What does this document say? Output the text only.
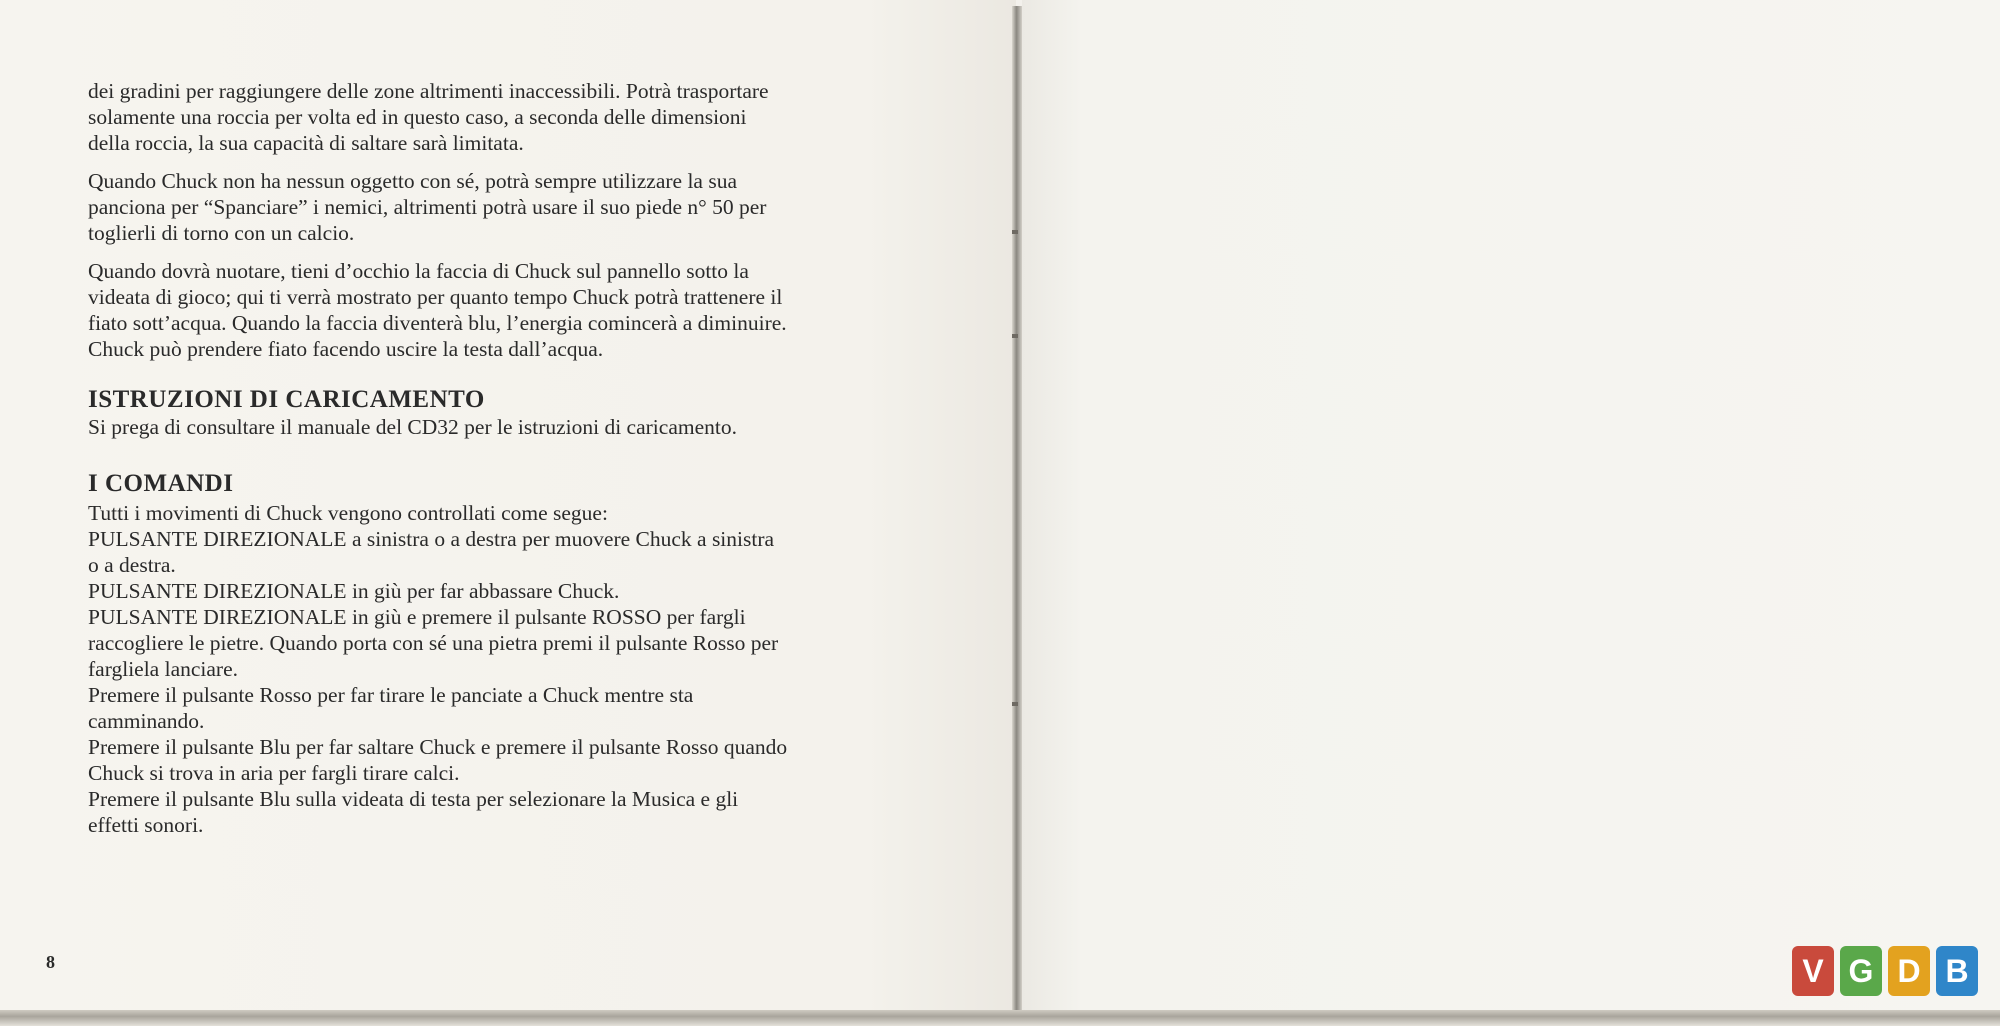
dei gradini per raggiungere delle zone altrimenti inaccessibili. Potrà trasportare
solamente una roccia per volta ed in questo caso, a seconda delle dimensioni
della roccia, la sua capacità di saltare sarà limitata.

Quando Chuck non ha nessun oggetto con sé, potrà sempre utilizzare la sua
panciona per “Spanciare” i nemici, altrimenti potrà usare il suo piede n° 50 per
toglierli di torno con un calcio.

Quando dovrà nuotare, tieni d’occhio la faccia di Chuck sul pannello sotto la
videata di gioco; qui ti verrà mostrato per quanto tempo Chuck potrà trattenere il
fiato sott’acqua. Quando la faccia diventerà blu, l’energia comincerà a diminuire.
Chuck può prendere fiato facendo uscire la testa dall’acqua.

ISTRUZIONI DI CARICAMENTO
Si prega di consultare il manuale del CD32 per le istruzioni di caricamento.
I COMANDI
Tutti i movimenti di Chuck vengono controllati come segue:
PULSANTE DIREZIONALE a sinistra o a destra per muovere Chuck a sinistra
o a destra.
PULSANTE DIREZIONALE in giù per far abbassare Chuck.
PULSANTE DIREZIONALE in giù e premere il pulsante ROSSO per fargli
raccogliere le pietre. Quando porta con sé una pietra premi il pulsante Rosso per
fargliela lanciare.
Premere il pulsante Rosso per far tirare le panciate a Chuck mentre sta
camminando.
Premere il pulsante Blu per far saltare Chuck e premere il pulsante Rosso quando
Chuck si trova in aria per fargli tirare calci.
Premere il pulsante Blu sulla videata di testa per selezionare la Musica e gli
effetti sonori.
8	V G D B
